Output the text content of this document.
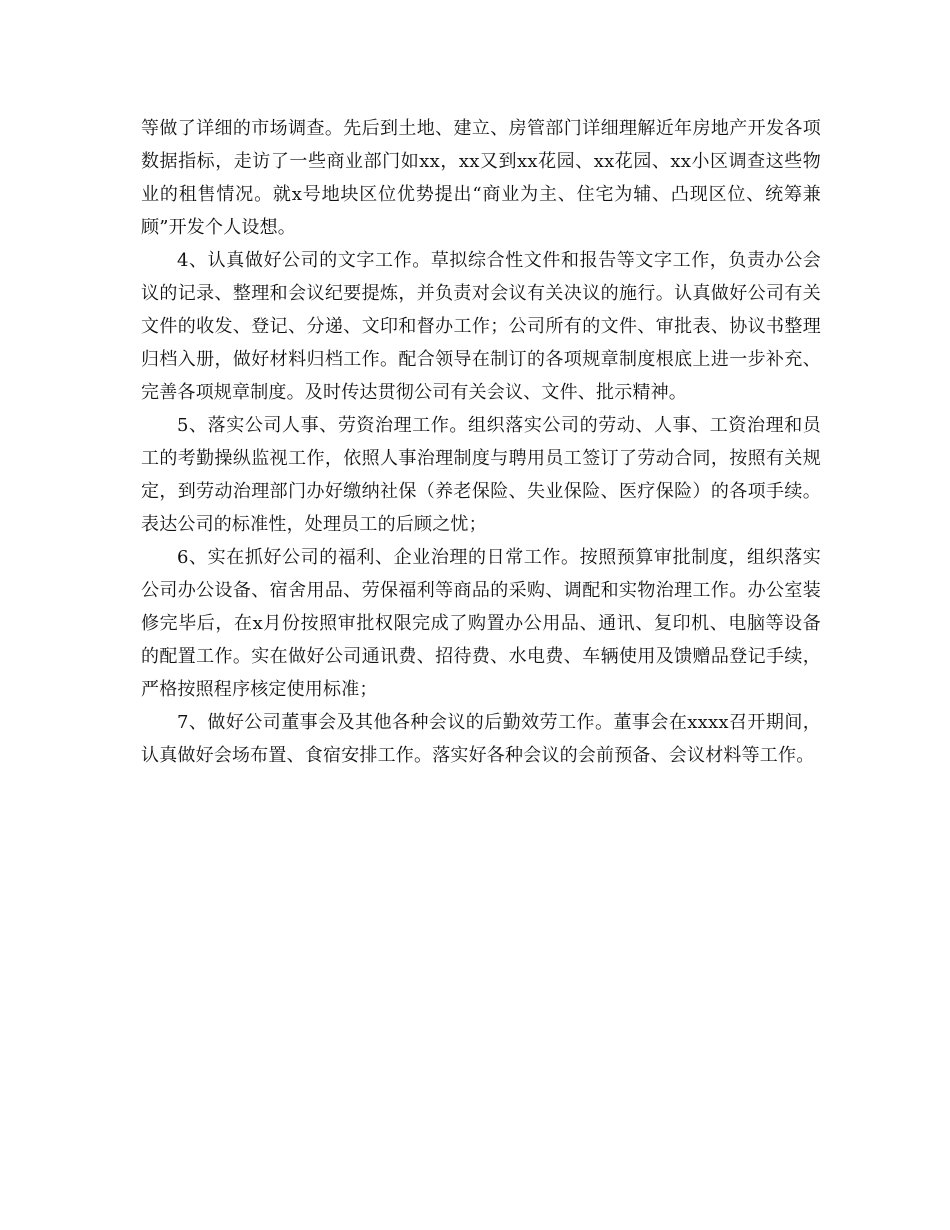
等做了详细的市场调查。先后到土地、建立、房管部门详细理解近年房地产开发各项数据指标，走访了一些商业部门如xx，xx又到xx花园、xx花园、xx小区调查这些物业的租售情况。就x号地块区位优势提出“商业为主、住宅为辅、凸现区位、统筹兼顾”开发个人设想。

4、认真做好公司的文字工作。草拟综合性文件和报告等文字工作，负责办公会议的记录、整理和会议纪要提炼，并负责对会议有关决议的施行。认真做好公司有关文件的收发、登记、分递、文印和督办工作；公司所有的文件、审批表、协议书整理归档入册，做好材料归档工作。配合领导在制订的各项规章制度根底上进一步补充、完善各项规章制度。及时传达贯彻公司有关会议、文件、批示精神。

5、落实公司人事、劳资治理工作。组织落实公司的劳动、人事、工资治理和员工的考勤操纵监视工作，依照人事治理制度与聘用员工签订了劳动合同，按照有关规定，到劳动治理部门办好缴纳社保（养老保险、失业保险、医疗保险）的各项手续。表达公司的标准性，处理员工的后顾之忧；

6、实在抓好公司的福利、企业治理的日常工作。按照预算审批制度，组织落实公司办公设备、宿舍用品、劳保福利等商品的采购、调配和实物治理工作。办公室装修完毕后，在x月份按照审批权限完成了购置办公用品、通讯、复印机、电脑等设备的配置工作。实在做好公司通讯费、招待费、水电费、车辆使用及馈赠品登记手续，严格按照程序核定使用标准；

7、做好公司董事会及其他各种会议的后勤效劳工作。董事会在xxxx召开期间，认真做好会场布置、食宿安排工作。落实好各种会议的会前预备、会议材料等工作。
